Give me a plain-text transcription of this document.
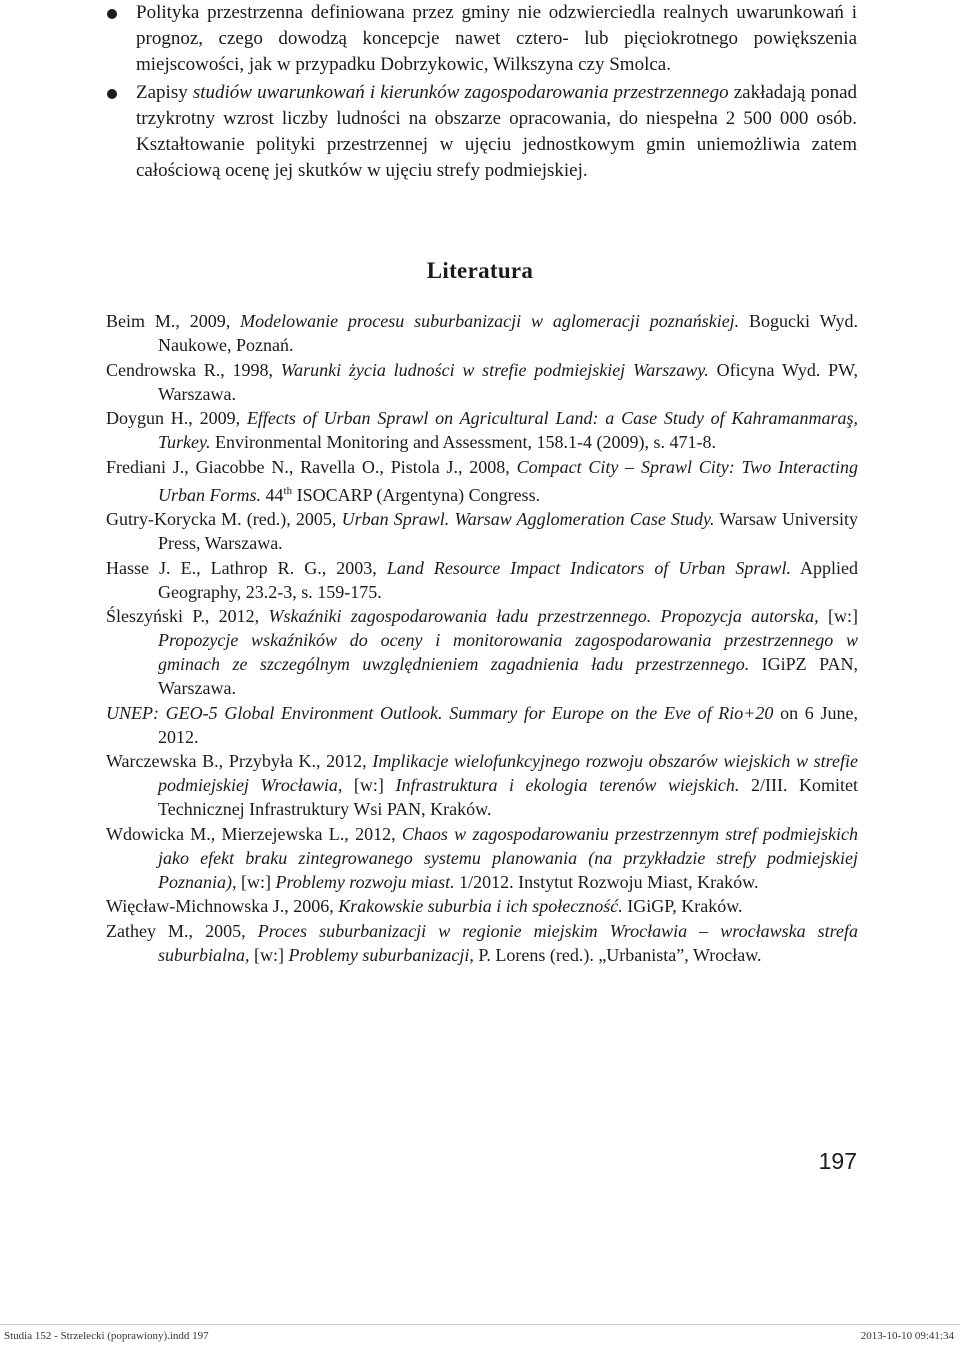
Polityka przestrzenna definiowana przez gminy nie odzwierciedla realnych uwarunkowań i prognoz, czego dowodzą koncepcje nawet cztero- lub pięciokrotnego powiększenia miejscowości, jak w przypadku Dobrzykowic, Wilkszyna czy Smolca.
Zapisy studiów uwarunkowań i kierunków zagospodarowania przestrzennego zakładają ponad trzykrotny wzrost liczby ludności na obszarze opracowania, do niespełna 2 500 000 osób. Kształtowanie polityki przestrzennej w ujęciu jednostkowym gmin uniemożliwia zatem całościową ocenę jej skutków w ujęciu strefy podmiejskiej.
Literatura
Beim M., 2009, Modelowanie procesu suburbanizacji w aglomeracji poznańskiej. Bogucki Wyd. Naukowe, Poznań.
Cendrowska R., 1998, Warunki życia ludności w strefie podmiejskiej Warszawy. Oficyna Wyd. PW, Warszawa.
Doygun H., 2009, Effects of Urban Sprawl on Agricultural Land: a Case Study of Kahramanmaraş, Turkey. Environmental Monitoring and Assessment, 158.1-4 (2009), s. 471-8.
Frediani J., Giacobbe N., Ravella O., Pistola J., 2008, Compact City – Sprawl City: Two Interacting Urban Forms. 44th ISOCARP (Argentyna) Congress.
Gutry-Korycka M. (red.), 2005, Urban Sprawl. Warsaw Agglomeration Case Study. Warsaw University Press, Warszawa.
Hasse J. E., Lathrop R. G., 2003, Land Resource Impact Indicators of Urban Sprawl. Applied Geography, 23.2-3, s. 159-175.
Śleszyński P., 2012, Wskaźniki zagospodarowania ładu przestrzennego. Propozycja autorska, [w:] Propozycje wskaźników do oceny i monitorowania zagospodarowania przestrzennego w gminach ze szczególnym uwzględnieniem zagadnienia ładu przestrzennego. IGiPZ PAN, Warszawa.
UNEP: GEO-5 Global Environment Outlook. Summary for Europe on the Eve of Rio+20 on 6 June, 2012.
Warczewska B., Przybyła K., 2012, Implikacje wielofunkcyjnego rozwoju obszarów wiejskich w strefie podmiejskiej Wrocławia, [w:] Infrastruktura i ekologia terenów wiejskich. 2/III. Komitet Technicznej Infrastruktury Wsi PAN, Kraków.
Wdowicka M., Mierzejewska L., 2012, Chaos w zagospodarowaniu przestrzennym stref podmiejskich jako efekt braku zintegrowanego systemu planowania (na przykładzie strefy podmiejskiej Poznania), [w:] Problemy rozwoju miast. 1/2012. Instytut Rozwoju Miast, Kraków.
Więcław-Michnowska J., 2006, Krakowskie suburbia i ich społeczność. IGiGP, Kraków.
Zathey M., 2005, Proces suburbanizacji w regionie miejskim Wrocławia – wrocławska strefa suburbialna, [w:] Problemy suburbanizacji, P. Lorens (red.). „Urbanista”, Wrocław.
197
Studia 152 - Strzelecki (poprawiony).indd 197	2013-10-10 09:41:34
